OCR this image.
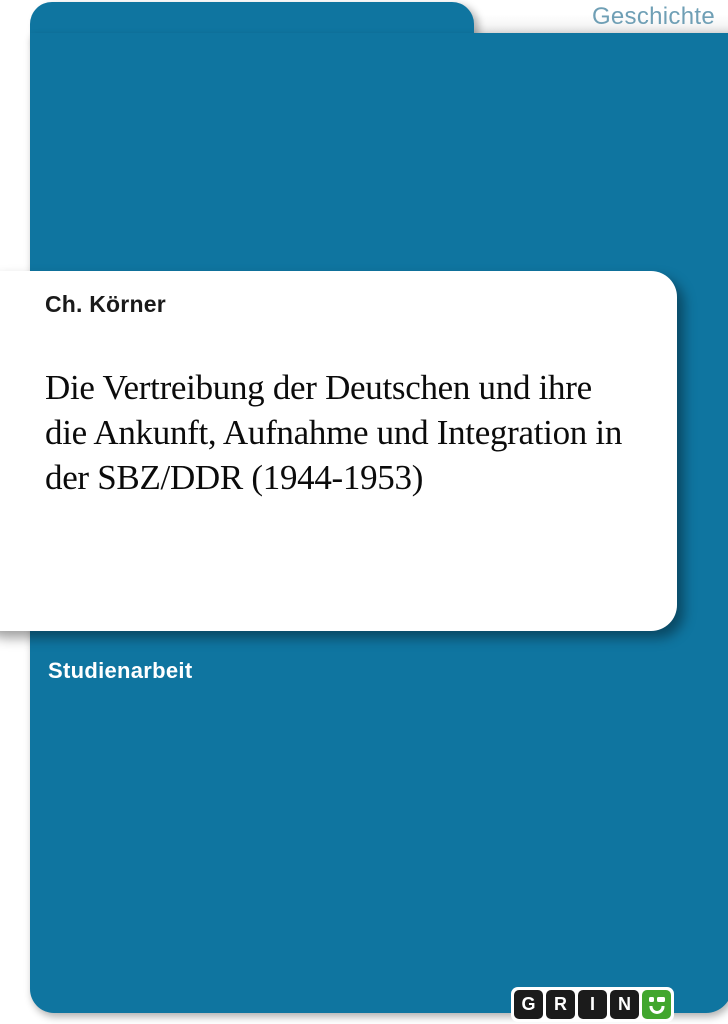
Geschichte
Ch. Körner
Die Vertreibung der Deutschen und ihre
die Ankunft, Aufnahme und Integration in
der SBZ/DDR (1944-1953)
Studienarbeit
G R I N
